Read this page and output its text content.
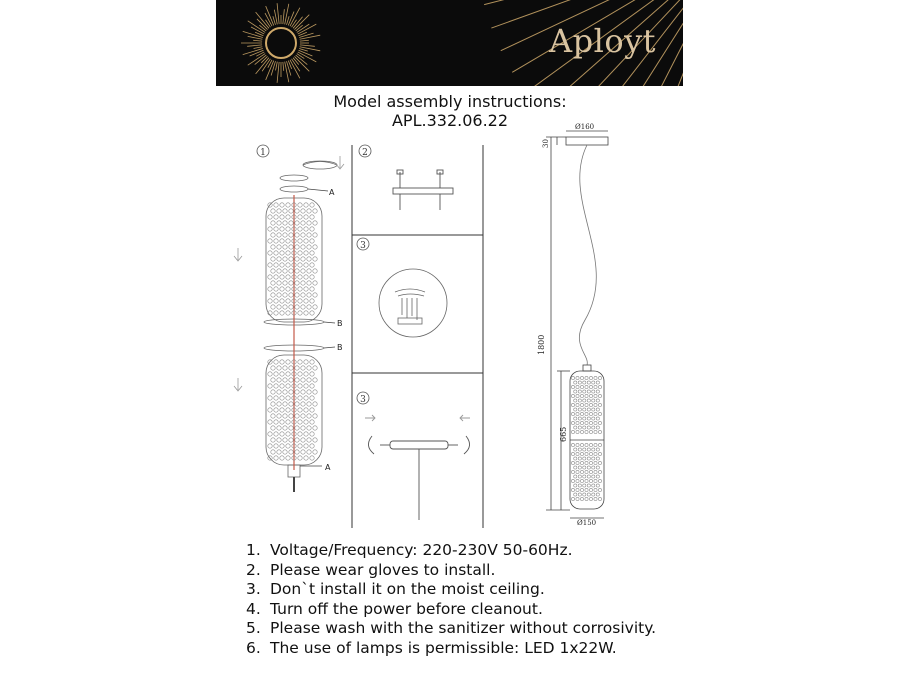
Aployt
Model assembly instructions:
APL.332.06.22
1	2
3
3
A
B
B
A
Ø160
30
1800
665
Ø150
1. Voltage/Frequency: 220-230V 50-60Hz.
2. Please wear gloves to install.
3. Don`t install it on the moist ceiling.
4. Turn off the power before cleanout.
5. Please wash with the sanitizer without corrosivity.
6. The use of lamps is permissible: LED 1x22W.
